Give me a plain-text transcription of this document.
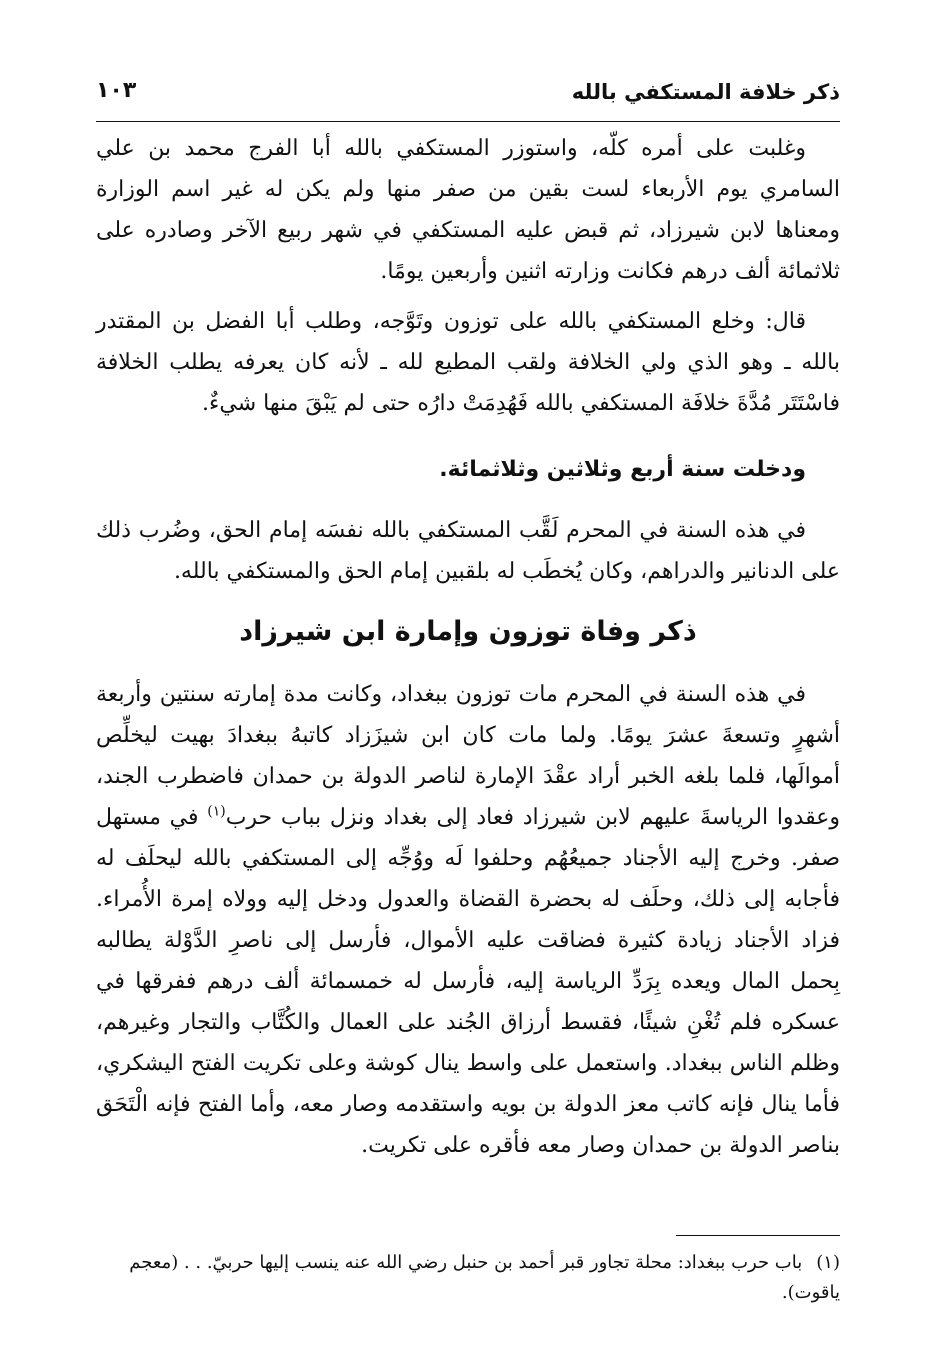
ذكر خلافة المستكفي بالله
١٠٣

وغلبت على أمره كلّه، واستوزر المستكفي بالله أبا الفرج محمد بن علي السامري يوم الأربعاء لست بقين من صفر منها ولم يكن له غير اسم الوزارة ومعناها لابن شيرزاد، ثم قبض عليه المستكفي في شهر ربيع الآخر وصادره على ثلاثمائة ألف درهم فكانت وزارته اثنين وأربعين يومًا.

قال: وخلع المستكفي بالله على توزون وتَوَّجه، وطلب أبا الفضل بن المقتدر بالله ـ وهو الذي ولي الخلافة ولقب المطيع لله ـ لأنه كان يعرفه يطلب الخلافة فاسْتَتَر مُدَّةَ خلافَة المستكفي بالله فَهُدِمَتْ دارُه حتى لم يَبْقَ منها شيءٌ.

ودخلت سنة أربع وثلاثين وثلاثمائة.

في هذه السنة في المحرم لَقَّب المستكفي بالله نفسَه إمام الحق، وضُرب ذلك على الدنانير والدراهم، وكان يُخطَب له بلقبين إمام الحق والمستكفي بالله.

ذكر وفاة توزون وإمارة ابن شيرزاد

في هذه السنة في المحرم مات توزون ببغداد، وكانت مدة إمارته سنتين وأربعة أشهرٍ وتسعةَ عشرَ يومًا. ولما مات كان ابن شيزَزاد كاتبهُ ببغدادَ بهيت ليخلِّص أموالَها، فلما بلغه الخبر أراد عقْدَ الإمارة لناصر الدولة بن حمدان فاضطرب الجند، وعقدوا الرياسةَ عليهم لابن شيرزاد فعاد إلى بغداد ونزل بباب حرب$^{(١)}$ في مستهل صفر. وخرج إليه الأجناد جميعُهُم وحلفوا لَه ووُجِّه إلى المستكفي بالله ليحلَف له فأجابه إلى ذلك، وحلَف له بحضرة القضاة والعدول ودخل إليه وولاه إمرة الأُمراء. فزاد الأجناد زيادة كثيرة فضاقت عليه الأموال، فأرسل إلى ناصرِ الدَّوْلة يطالبه بِحمل المال ويعده بِرَدِّ الرياسة إليه، فأرسل له خمسمائة ألف درهم ففرقها في عسكره فلم تُغْنِ شيئًا، فقسط أرزاق الجُند على العمال والكُتَّاب والتجار وغيرهم، وظلم الناس ببغداد. واستعمل على واسط ينال كوشة وعلى تكريت الفتح اليشكري، فأما ينال فإنه كاتب معز الدولة بن بويه واستقدمه وصار معه، وأما الفتح فإنه الْتَحَق بناصر الدولة بن حمدان وصار معه فأقره على تكريت.

(١)باب حرب ببغداد: محلة تجاور قبر أحمد بن حنبل رضي الله عنه ينسب إليها حربيّ. . . (معجم ياقوت).
